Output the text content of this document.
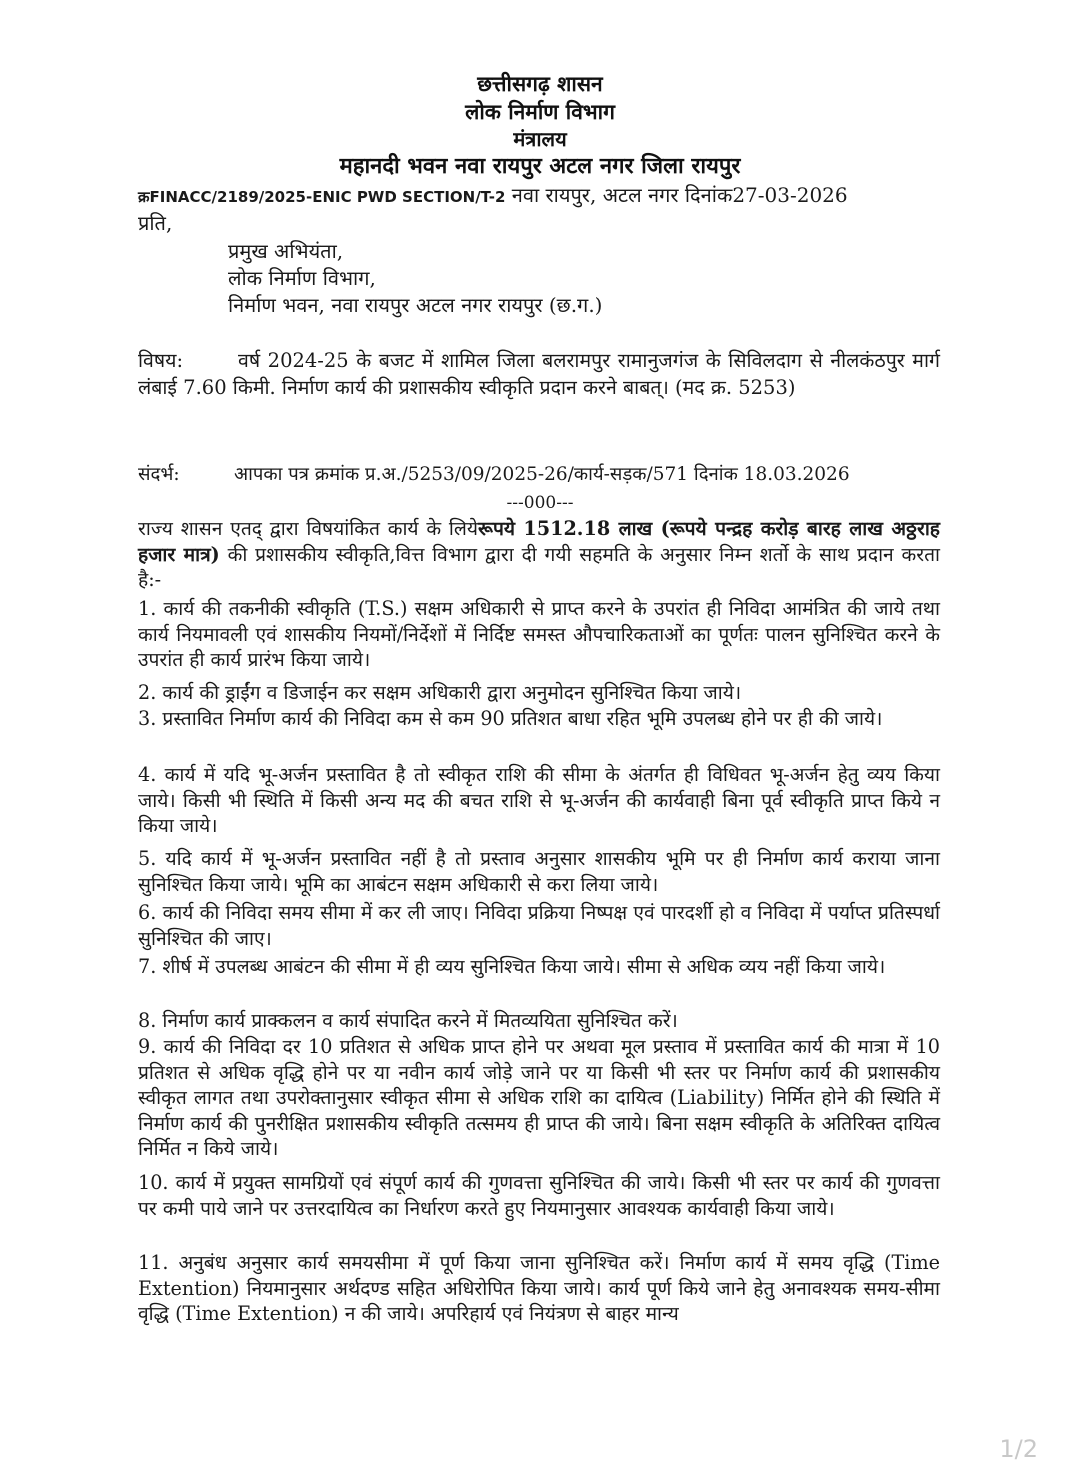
छत्तीसगढ़ शासन
लोक निर्माण विभाग
मंत्रालय
महानदी भवन नवा रायपुर अटल नगर जिला रायपुर
क्रFINACC/2189/2025-ENIC PWD SECTION/T-2 नवा रायपुर, अटल नगर दिनांक27-03-2026
प्रति,
प्रमुख अभियंता,
लोक निर्माण विभाग,
निर्माण भवन, नवा रायपुर अटल नगर रायपुर (छ.ग.)
विषय:	वर्ष 2024-25 के बजट में शामिल जिला बलरामपुर रामानुजगंज के सिविलदाग से नीलकंठपुर मार्ग लंबाई 7.60 किमी. निर्माण कार्य की प्रशासकीय स्वीकृति प्रदान करने बाबत्। (मद क्र. 5253)
संदर्भ:	आपका पत्र क्रमांक प्र.अ./5253/09/2025-26/कार्य-सड़क/571 दिनांक 18.03.2026
---000---
राज्य शासन एतद् द्वारा विषयांकित कार्य के लियेरूपये 1512.18 लाख (रूपये पन्द्रह करोड़ बारह लाख अठ्ठराह हजार मात्र) की प्रशासकीय स्वीकृति,वित्त विभाग द्वारा दी गयी सहमति के अनुसार निम्न शर्तो के साथ प्रदान करता है:-
1. कार्य की तकनीकी स्वीकृति (T.S.) सक्षम अधिकारी से प्राप्त करने के उपरांत ही निविदा आमंत्रित की जाये तथा कार्य नियमावली एवं शासकीय नियमों/निर्देशों में निर्दिष्ट समस्त औपचारिकताओं का पूर्णतः पालन सुनिश्चित करने के उपरांत ही कार्य प्रारंभ किया जाये।
2. कार्य की ड्राईंग व डिजाईन कर सक्षम अधिकारी द्वारा अनुमोदन सुनिश्चित किया जाये।
3. प्रस्तावित निर्माण कार्य की निविदा कम से कम 90 प्रतिशत बाधा रहित भूमि उपलब्ध होने पर ही की जाये।
4. कार्य में यदि भू-अर्जन प्रस्तावित है तो स्वीकृत राशि की सीमा के अंतर्गत ही विधिवत भू-अर्जन हेतु व्यय किया जाये। किसी भी स्थिति में किसी अन्य मद की बचत राशि से भू-अर्जन की कार्यवाही बिना पूर्व स्वीकृति प्राप्त किये न किया जाये।
5. यदि कार्य में भू-अर्जन प्रस्तावित नहीं है तो प्रस्ताव अनुसार शासकीय भूमि पर ही निर्माण कार्य कराया जाना सुनिश्चित किया जाये। भूमि का आबंटन सक्षम अधिकारी से करा लिया जाये।
6. कार्य की निविदा समय सीमा में कर ली जाए। निविदा प्रक्रिया निष्पक्ष एवं पारदर्शी हो व निविदा में पर्याप्त प्रतिस्पर्धा सुनिश्चित की जाए।
7. शीर्ष में उपलब्ध आबंटन की सीमा में ही व्यय सुनिश्चित किया जाये। सीमा से अधिक व्यय नहीं किया जाये।
8. निर्माण कार्य प्राक्कलन व कार्य संपादित करने में मितव्ययिता सुनिश्चित करें।
9. कार्य की निविदा दर 10 प्रतिशत से अधिक प्राप्त होने पर अथवा मूल प्रस्ताव में प्रस्तावित कार्य की मात्रा में 10 प्रतिशत से अधिक वृद्धि होने पर या नवीन कार्य जोड़े जाने पर या किसी भी स्तर पर निर्माण कार्य की प्रशासकीय स्वीकृत लागत तथा उपरोक्तानुसार स्वीकृत सीमा से अधिक राशि का दायित्व (Liability) निर्मित होने की स्थिति में निर्माण कार्य की पुनरीक्षित प्रशासकीय स्वीकृति तत्समय ही प्राप्त की जाये। बिना सक्षम स्वीकृति के अतिरिक्त दायित्व निर्मित न किये जाये।
10. कार्य में प्रयुक्त सामग्रियों एवं संपूर्ण कार्य की गुणवत्ता सुनिश्चित की जाये। किसी भी स्तर पर कार्य की गुणवत्ता पर कमी पाये जाने पर उत्तरदायित्व का निर्धारण करते हुए नियमानुसार आवश्यक कार्यवाही किया जाये।
11. अनुबंध अनुसार कार्य समयसीमा में पूर्ण किया जाना सुनिश्चित करें। निर्माण कार्य में समय वृद्धि (Time Extention) नियमानुसार अर्थदण्ड सहित अधिरोपित किया जाये। कार्य पूर्ण किये जाने हेतु अनावश्यक समय-सीमा वृद्धि (Time Extention) न की जाये। अपरिहार्य एवं नियंत्रण से बाहर मान्य
1/2
